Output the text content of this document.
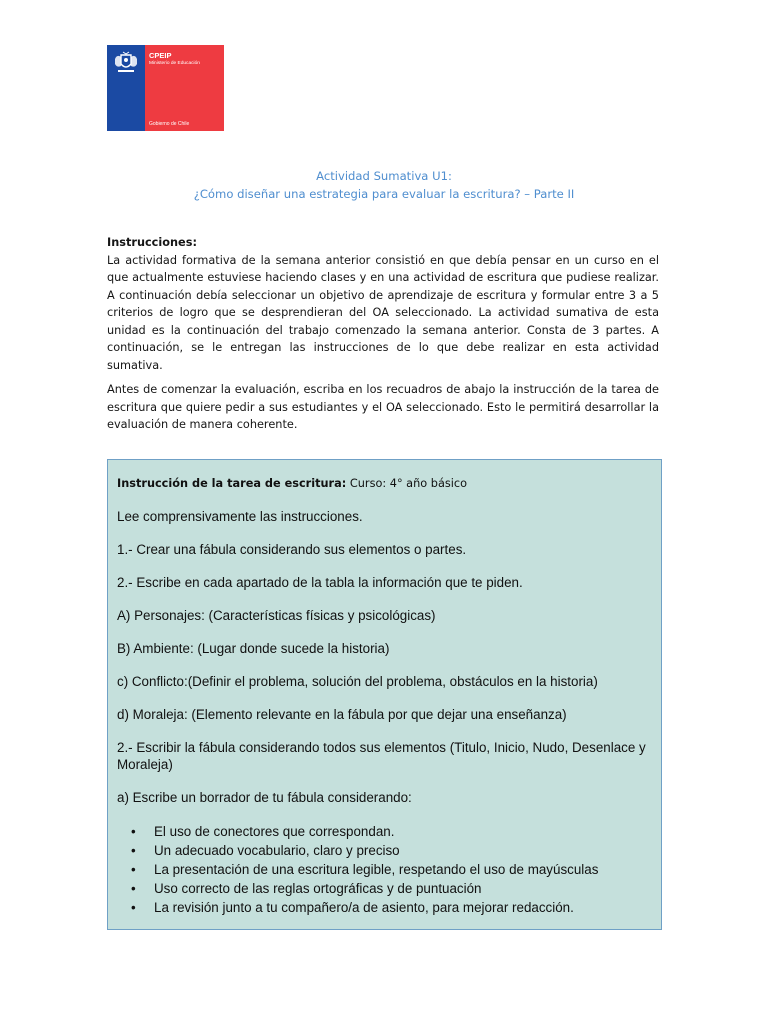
CPEIP
Ministerio de Educación
Gobierno de Chile
Actividad Sumativa U1:
¿Cómo diseñar una estrategia para evaluar la escritura? – Parte II
Instrucciones:
La actividad formativa de la semana anterior consistió en que debía pensar en un curso en el que actualmente estuviese haciendo clases y en una actividad de escritura que pudiese realizar. A continuación debía seleccionar un objetivo de aprendizaje de escritura y formular entre 3 a 5 criterios de logro que se desprendieran del OA seleccionado. La actividad sumativa de esta unidad es la continuación del trabajo comenzado la semana anterior. Consta de 3 partes. A continuación, se le entregan las instrucciones de lo que debe realizar en esta actividad sumativa.
Antes de comenzar la evaluación, escriba en los recuadros de abajo la instrucción de la tarea de escritura que quiere pedir a sus estudiantes y el OA seleccionado. Esto le permitirá desarrollar la evaluación de manera coherente.

Instrucción de la tarea de escritura: Curso: 4° año básico

Lee comprensivamente las instrucciones.

1.- Crear una fábula considerando sus elementos o partes.

2.- Escribe en cada apartado de la tabla la información que te piden.

A) Personajes: (Características físicas y psicológicas)

B) Ambiente: (Lugar donde sucede la historia)

c) Conflicto:(Definir el problema, solución del problema, obstáculos en la historia)

d) Moraleja: (Elemento relevante en la fábula por que dejar una enseñanza)

2.- Escribir la fábula considerando todos sus elementos (Titulo, Inicio, Nudo, Desenlace y Moraleja)

a) Escribe un borrador de tu fábula considerando:

•	El uso de conectores que correspondan.
•	Un adecuado vocabulario, claro y preciso
•	La presentación de una escritura legible, respetando el uso de mayúsculas
•	Uso correcto de las reglas ortográficas y de puntuación
•	La revisión junto a tu compañero/a de asiento, para mejorar redacción.
